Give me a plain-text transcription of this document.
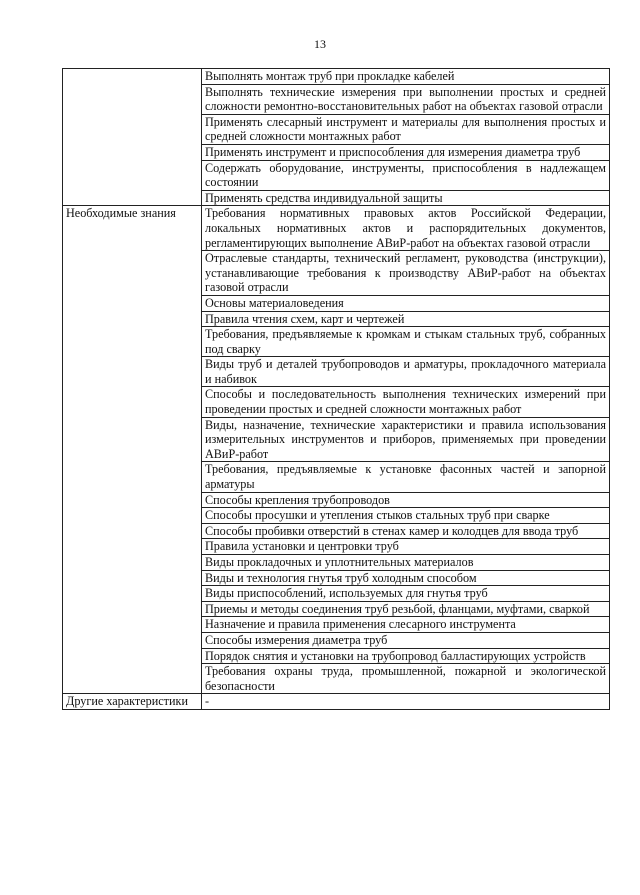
13
	Выполнять монтаж труб при прокладке кабелей
	Выполнять технические измерения при выполнении простых и средней сложности ремонтно-восстановительных работ на объектах газовой отрасли
	Применять слесарный инструмент и материалы для выполнения простых и средней сложности монтажных работ
	Применять инструмент и приспособления для измерения диаметра труб
	Содержать оборудование, инструменты, приспособления в надлежащем состоянии
	Применять средства индивидуальной защиты
Необходимые знания	Требования нормативных правовых актов Российской Федерации, локальных нормативных актов и распорядительных документов, регламентирующих выполнение АВиР-работ на объектах газовой отрасли
	Отраслевые стандарты, технический регламент, руководства (инструкции), устанавливающие требования к производству АВиР-работ на объектах газовой отрасли
	Основы материаловедения
	Правила чтения схем, карт и чертежей
	Требования, предъявляемые к кромкам и стыкам стальных труб, собранных под сварку
	Виды труб и деталей трубопроводов и арматуры, прокладочного материала и набивок
	Способы и последовательность выполнения технических измерений при проведении простых и средней сложности монтажных работ
	Виды, назначение, технические характеристики и правила использования измерительных инструментов и приборов, применяемых при проведении АВиР-работ
	Требования, предъявляемые к установке фасонных частей и запорной арматуры
	Способы крепления трубопроводов
	Способы просушки и утепления стыков стальных труб при сварке
	Способы пробивки отверстий в стенах камер и колодцев для ввода труб
	Правила установки и центровки труб
	Виды прокладочных и уплотнительных материалов
	Виды и технология гнутья труб холодным способом
	Виды приспособлений, используемых для гнутья труб
	Приемы и методы соединения труб резьбой, фланцами, муфтами, сваркой
	Назначение и правила применения слесарного инструмента
	Способы измерения диаметра труб
	Порядок снятия и установки на трубопровод балластирующих устройств
	Требования охраны труда, промышленной, пожарной и экологической безопасности
Другие характеристики	-
